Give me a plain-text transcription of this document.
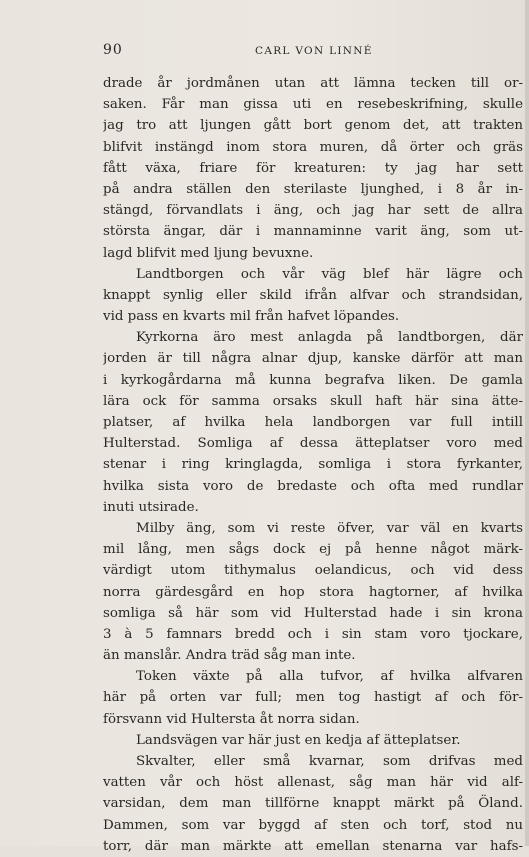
90	CARL VON LINNÉ
drade år jordmånen utan att lämna tecken till or-
saken. Får man gissa uti en resebeskrifning, skulle
jag tro att ljungen gått bort genom det, att trakten
blifvit instängd inom stora muren, då örter och gräs
fått växa, friare för kreaturen: ty jag har sett
på andra ställen den sterilaste ljunghed, i 8 år in-
stängd, förvandlats i äng, och jag har sett de allra
största ängar, där i mannaminne varit äng, som ut-
lagd blifvit med ljung bevuxne.
Landtborgen och vår väg blef här lägre och
knappt synlig eller skild ifrån alfvar och strandsidan,
vid pass en kvarts mil från hafvet löpandes.
Kyrkorna äro mest anlagda på landtborgen, där
jorden är till några alnar djup, kanske därför att man
i kyrkogårdarna må kunna begrafva liken. De gamla
lära ock för samma orsaks skull haft här sina ätte-
platser, af hvilka hela landborgen var full intill
Hulterstad. Somliga af dessa ätteplatser voro med
stenar i ring kringlagda, somliga i stora fyrkanter,
hvilka sista voro de bredaste och ofta med rundlar
inuti utsirade.
Milby äng, som vi reste öfver, var väl en kvarts
mil lång, men sågs dock ej på henne något märk-
värdigt utom tithymalus oelandicus, och vid dess
norra gärdesgård en hop stora hagtorner, af hvilka
somliga så här som vid Hulterstad hade i sin krona
3 à 5 famnars bredd och i sin stam voro tjockare,
än manslår. Andra träd såg man inte.
Token växte på alla tufvor, af hvilka alfvaren
här på orten var full; men tog hastigt af och för-
försvann vid Hultersta åt norra sidan.
Landsvägen var här just en kedja af ätteplatser.
Skvalter, eller små kvarnar, som drifvas med
vatten vår och höst allenast, såg man här vid alf-
varsidan, dem man tillförne knappt märkt på Öland.
Dammen, som var byggd af sten och torf, stod nu
torr, där man märkte att emellan stenarna var hafs-
